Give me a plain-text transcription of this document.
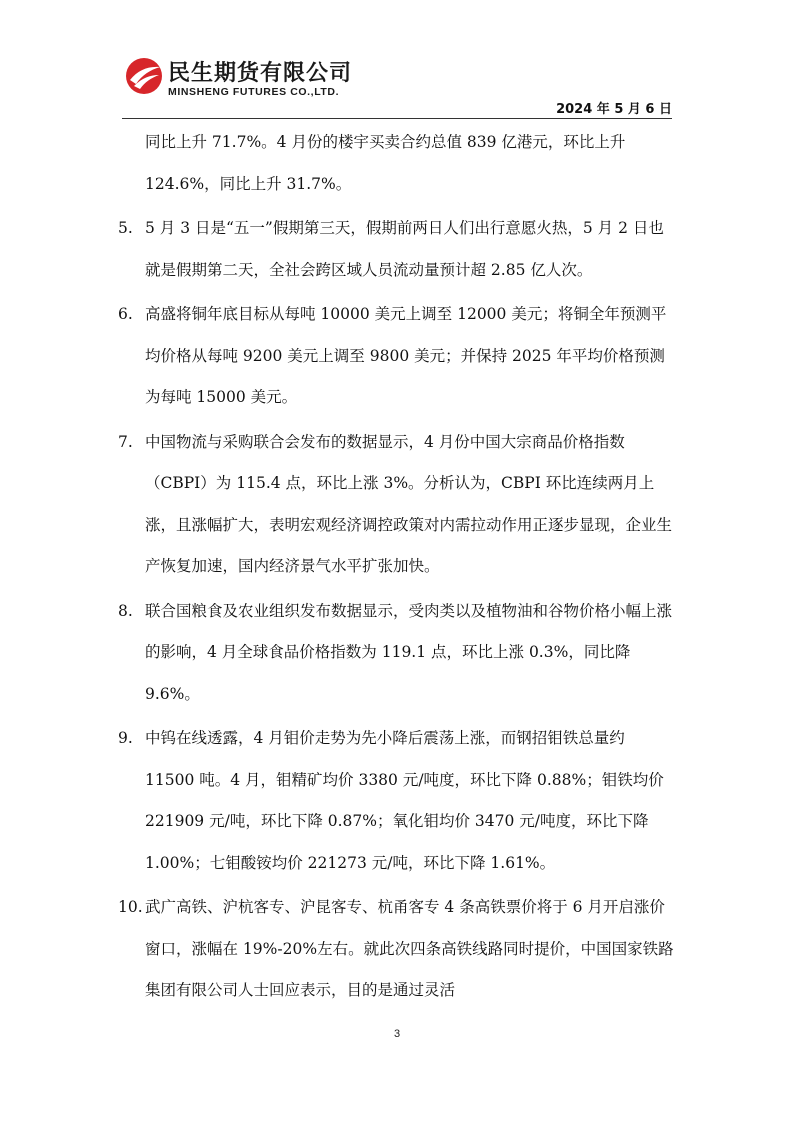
民生期货有限公司
MINSHENG FUTURES CO.,LTD.
2024 年 5 月 6 日

同比上升 71.7%。4 月份的楼宇买卖合约总值 839 亿港元，环比上升 124.6%，同比上升 31.7%。

5. 5 月 3 日是“五一”假期第三天，假期前两日人们出行意愿火热，5 月 2 日也就是假期第二天，全社会跨区域人员流动量预计超 2.85 亿人次。
6. 高盛将铜年底目标从每吨 10000 美元上调至 12000 美元；将铜全年预测平均价格从每吨 9200 美元上调至 9800 美元；并保持 2025 年平均价格预测为每吨 15000 美元。
7. 中国物流与采购联合会发布的数据显示，4 月份中国大宗商品价格指数（CBPI）为 115.4 点，环比上涨 3%。分析认为，CBPI 环比连续两月上涨，且涨幅扩大，表明宏观经济调控政策对内需拉动作用正逐步显现，企业生产恢复加速，国内经济景气水平扩张加快。
8. 联合国粮食及农业组织发布数据显示，受肉类以及植物油和谷物价格小幅上涨的影响，4 月全球食品价格指数为 119.1 点，环比上涨 0.3%，同比降 9.6%。
9. 中钨在线透露，4 月钼价走势为先小降后震荡上涨，而钢招钼铁总量约 11500 吨。4 月，钼精矿均价 3380 元/吨度，环比下降 0.88%；钼铁均价 221909 元/吨，环比下降 0.87%；氧化钼均价 3470 元/吨度，环比下降 1.00%；七钼酸铵均价 221273 元/吨，环比下降 1.61%。
10. 武广高铁、沪杭客专、沪昆客专、杭甬客专 4 条高铁票价将于 6 月开启涨价窗口，涨幅在 19%-20%左右。就此次四条高铁线路同时提价，中国国家铁路集团有限公司人士回应表示，目的是通过灵活
3
